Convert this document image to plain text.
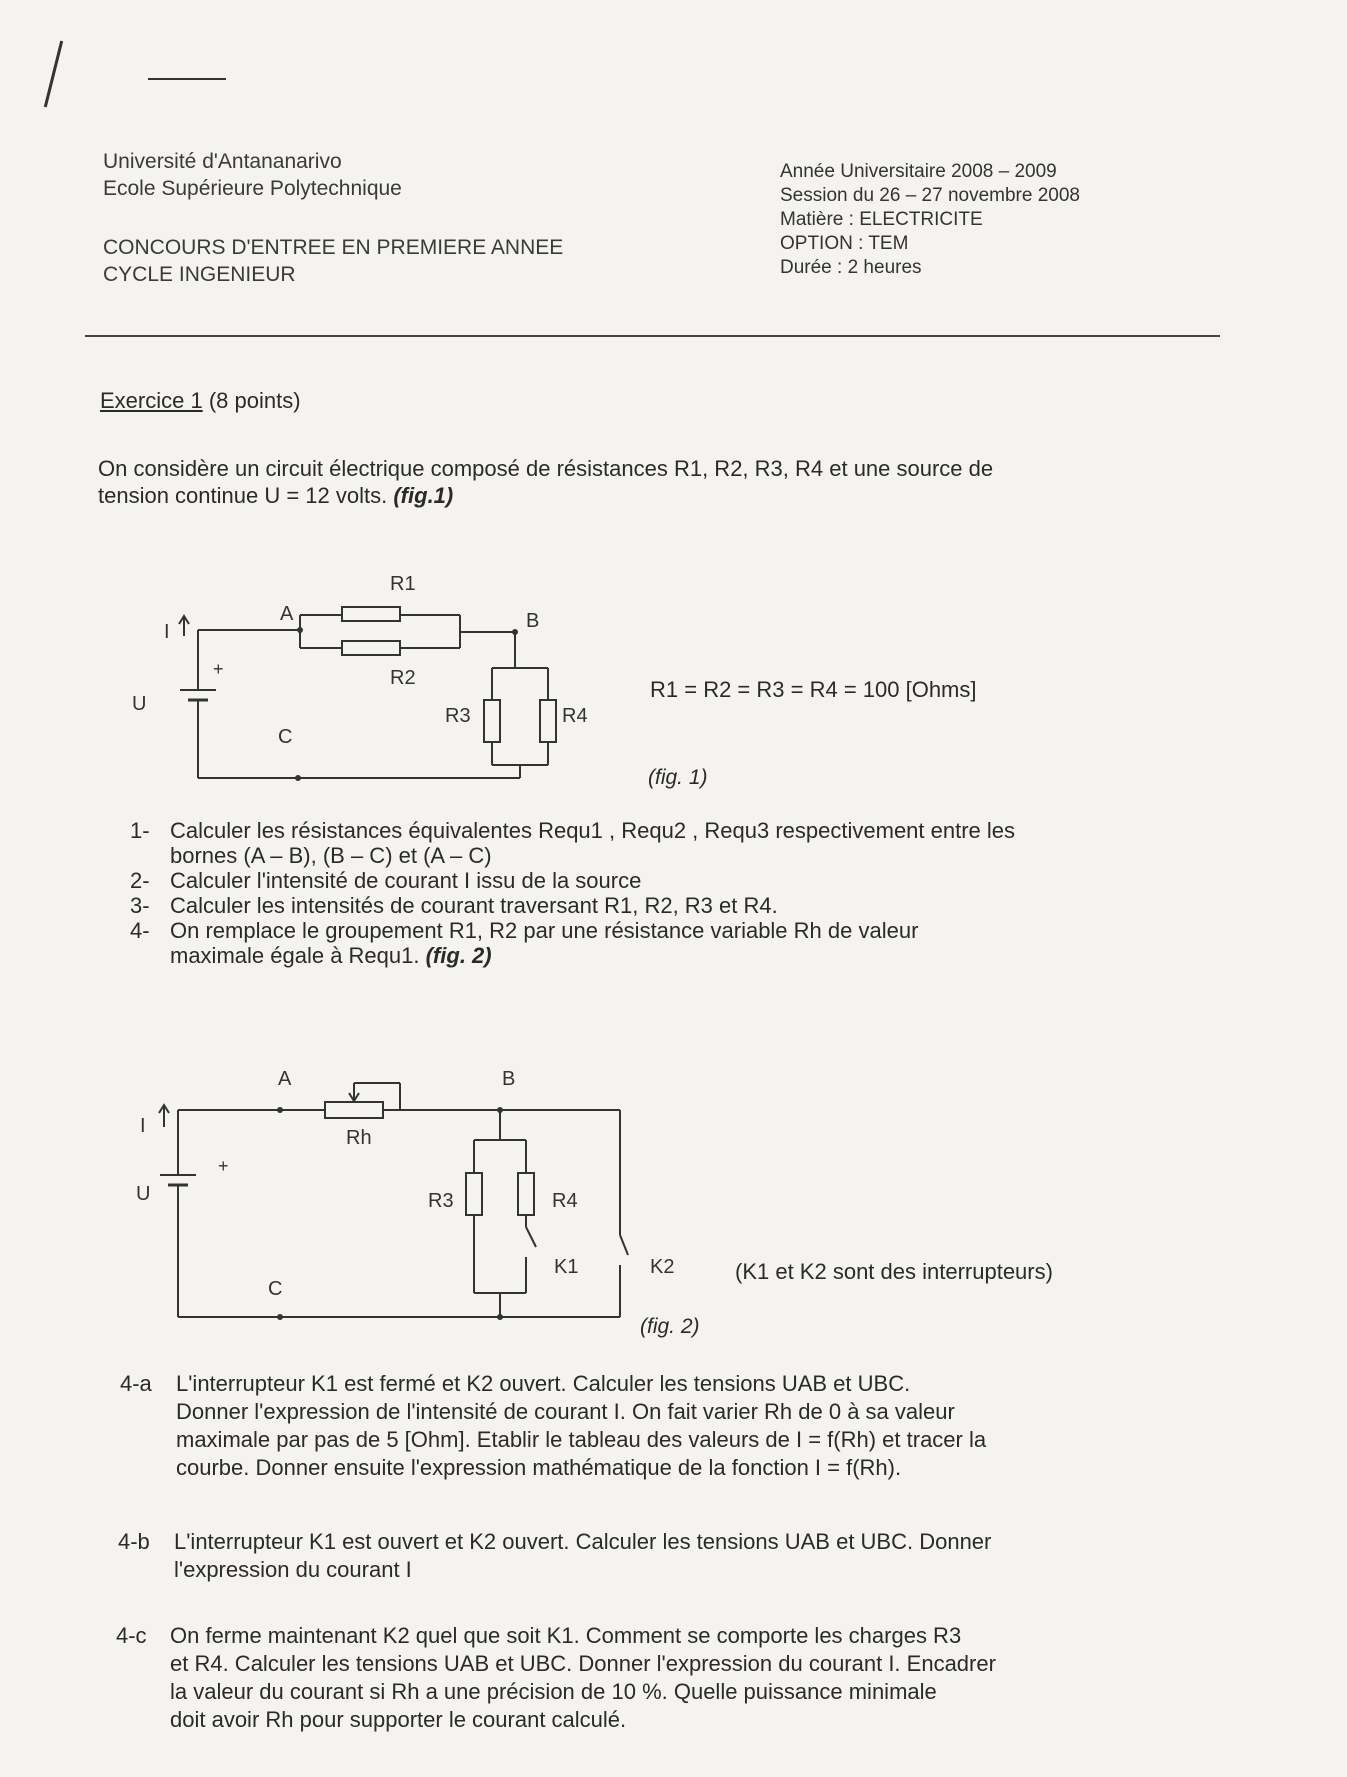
Université d'Antananarivo
Ecole Supérieure Polytechnique
CONCOURS D'ENTREE EN PREMIERE ANNEE
CYCLE INGENIEUR
Année Universitaire 2008 – 2009
Session du 26 – 27 novembre 2008
Matière : ELECTRICITE
OPTION : TEM
Durée : 2 heures
Exercice 1 (8 points)
On considère un circuit électrique composé de résistances R1, R2, R3, R4 et une source de
tension continue U = 12 volts. (fig.1)
I
+
U
A	B
C
R1
R2
R3	R4
R1 = R2 = R3 = R4 = 100 [Ohms]
(fig. 1)
1- Calculer les résistances équivalentes Requ1 , Requ2 , Requ3 respectivement entre les
bornes (A – B), (B – C) et (A – C)
2- Calculer l'intensité de courant I issu de la source
3- Calculer les intensités de courant traversant R1, R2, R3 et R4.
4- On remplace le groupement R1, R2 par une résistance variable Rh de valeur
maximale égale à Requ1. (fig. 2)
I
+
U
A	B
C
Rh
R3	R4
K1	K2	(K1 et K2 sont des interrupteurs)
(fig. 2)
4-a	L'interrupteur K1 est fermé et K2 ouvert. Calculer les tensions UAB et UBC.
Donner l'expression de l'intensité de courant I. On fait varier Rh de 0 à sa valeur
maximale par pas de 5 [Ohm]. Etablir le tableau des valeurs de I = f(Rh) et tracer la
courbe. Donner ensuite l'expression mathématique de la fonction I = f(Rh).
4-b	L'interrupteur K1 est ouvert et K2 ouvert. Calculer les tensions UAB et UBC. Donner
l'expression du courant I
4-c	On ferme maintenant K2 quel que soit K1. Comment se comporte les charges R3
et R4. Calculer les tensions UAB et UBC. Donner l'expression du courant I. Encadrer
la valeur du courant si Rh a une précision de 10 %. Quelle puissance minimale
doit avoir Rh pour supporter le courant calculé.
